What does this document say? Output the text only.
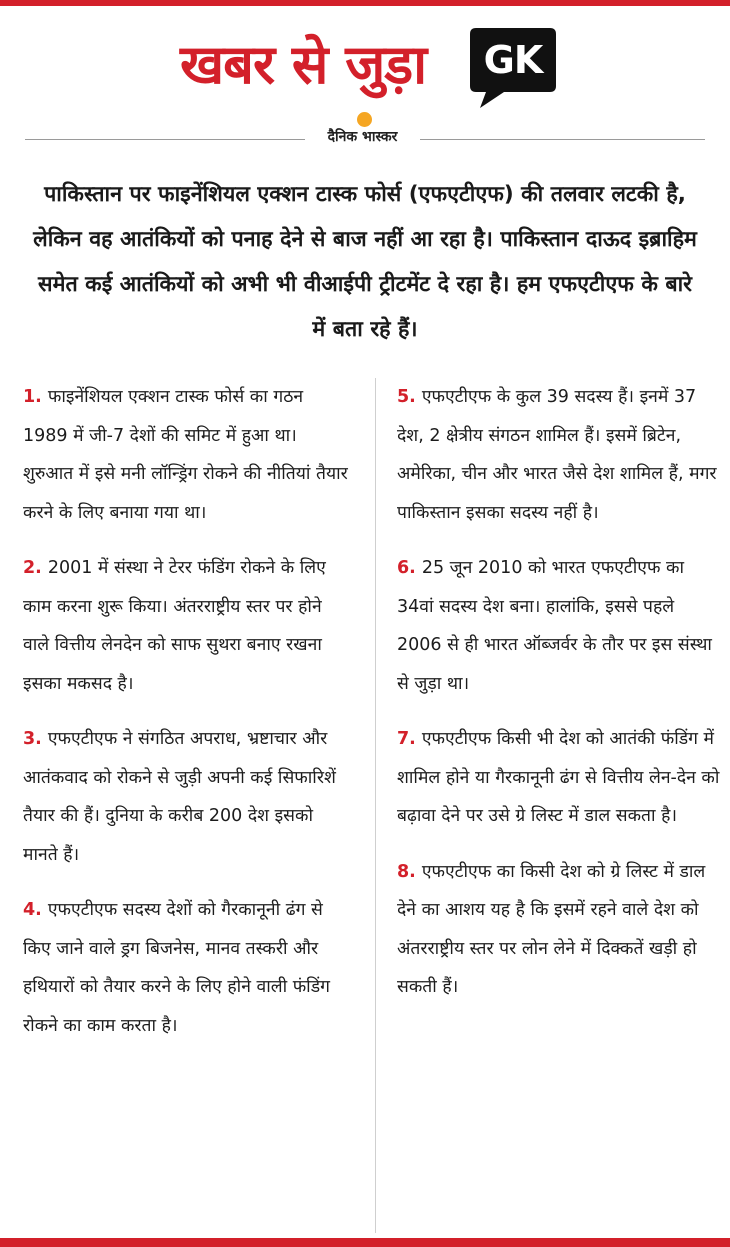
खबर से जुड़ा	GK
दैनिक भास्कर
पाकिस्तान पर फाइनेंशियल एक्शन टास्क फोर्स (एफएटीएफ) की तलवार लटकी है, लेकिन वह आतंकियों को पनाह देने से बाज नहीं आ रहा है। पाकिस्तान दाऊद इब्राहिम समेत कई आतंकियों को अभी भी वीआईपी ट्रीटमेंट दे रहा है। हम एफएटीएफ के बारे में बता रहे हैं।

1. फाइनेंशियल एक्शन टास्क फोर्स का गठन 1989 में जी-7 देशों की समिट में हुआ था। शुरुआत में इसे मनी लॉन्ड्रिंग रोकने की नीतियां तैयार करने के लिए बनाया गया था।

2. 2001 में संस्था ने टेरर फंडिंग रोकने के लिए काम करना शुरू किया। अंतरराष्ट्रीय स्तर पर होने वाले वित्तीय लेनदेन को साफ सुथरा बनाए रखना इसका मकसद है।

3. एफएटीएफ ने संगठित अपराध, भ्रष्टाचार और आतंकवाद को रोकने से जुड़ी अपनी कई सिफारिशें तैयार की हैं। दुनिया के करीब 200 देश इसको मानते हैं।

4. एफएटीएफ सदस्य देशों को गैरकानूनी ढंग से किए जाने वाले ड्रग बिजनेस, मानव तस्करी और हथियारों को तैयार करने के लिए होने वाली फंडिंग रोकने का काम करता है।

5. एफएटीएफ के कुल 39 सदस्य हैं। इनमें 37 देश, 2 क्षेत्रीय संगठन शामिल हैं। इसमें ब्रिटेन, अमेरिका, चीन और भारत जैसे देश शामिल हैं, मगर पाकिस्तान इसका सदस्य नहीं है।

6. 25 जून 2010 को भारत एफएटीएफ का 34वां सदस्य देश बना। हालांकि, इससे पहले 2006 से ही भारत ऑब्जर्वर के तौर पर इस संस्था से जुड़ा था।

7. एफएटीएफ किसी भी देश को आतंकी फंडिंग में शामिल होने या गैरकानूनी ढंग से वित्तीय लेन-देन को बढ़ावा देने पर उसे ग्रे लिस्ट में डाल सकता है।

8. एफएटीएफ का किसी देश को ग्रे लिस्ट में डाल देने का आशय यह है कि इसमें रहने वाले देश को अंतरराष्ट्रीय स्तर पर लोन लेने में दिक्कतें खड़ी हो सकती हैं।
